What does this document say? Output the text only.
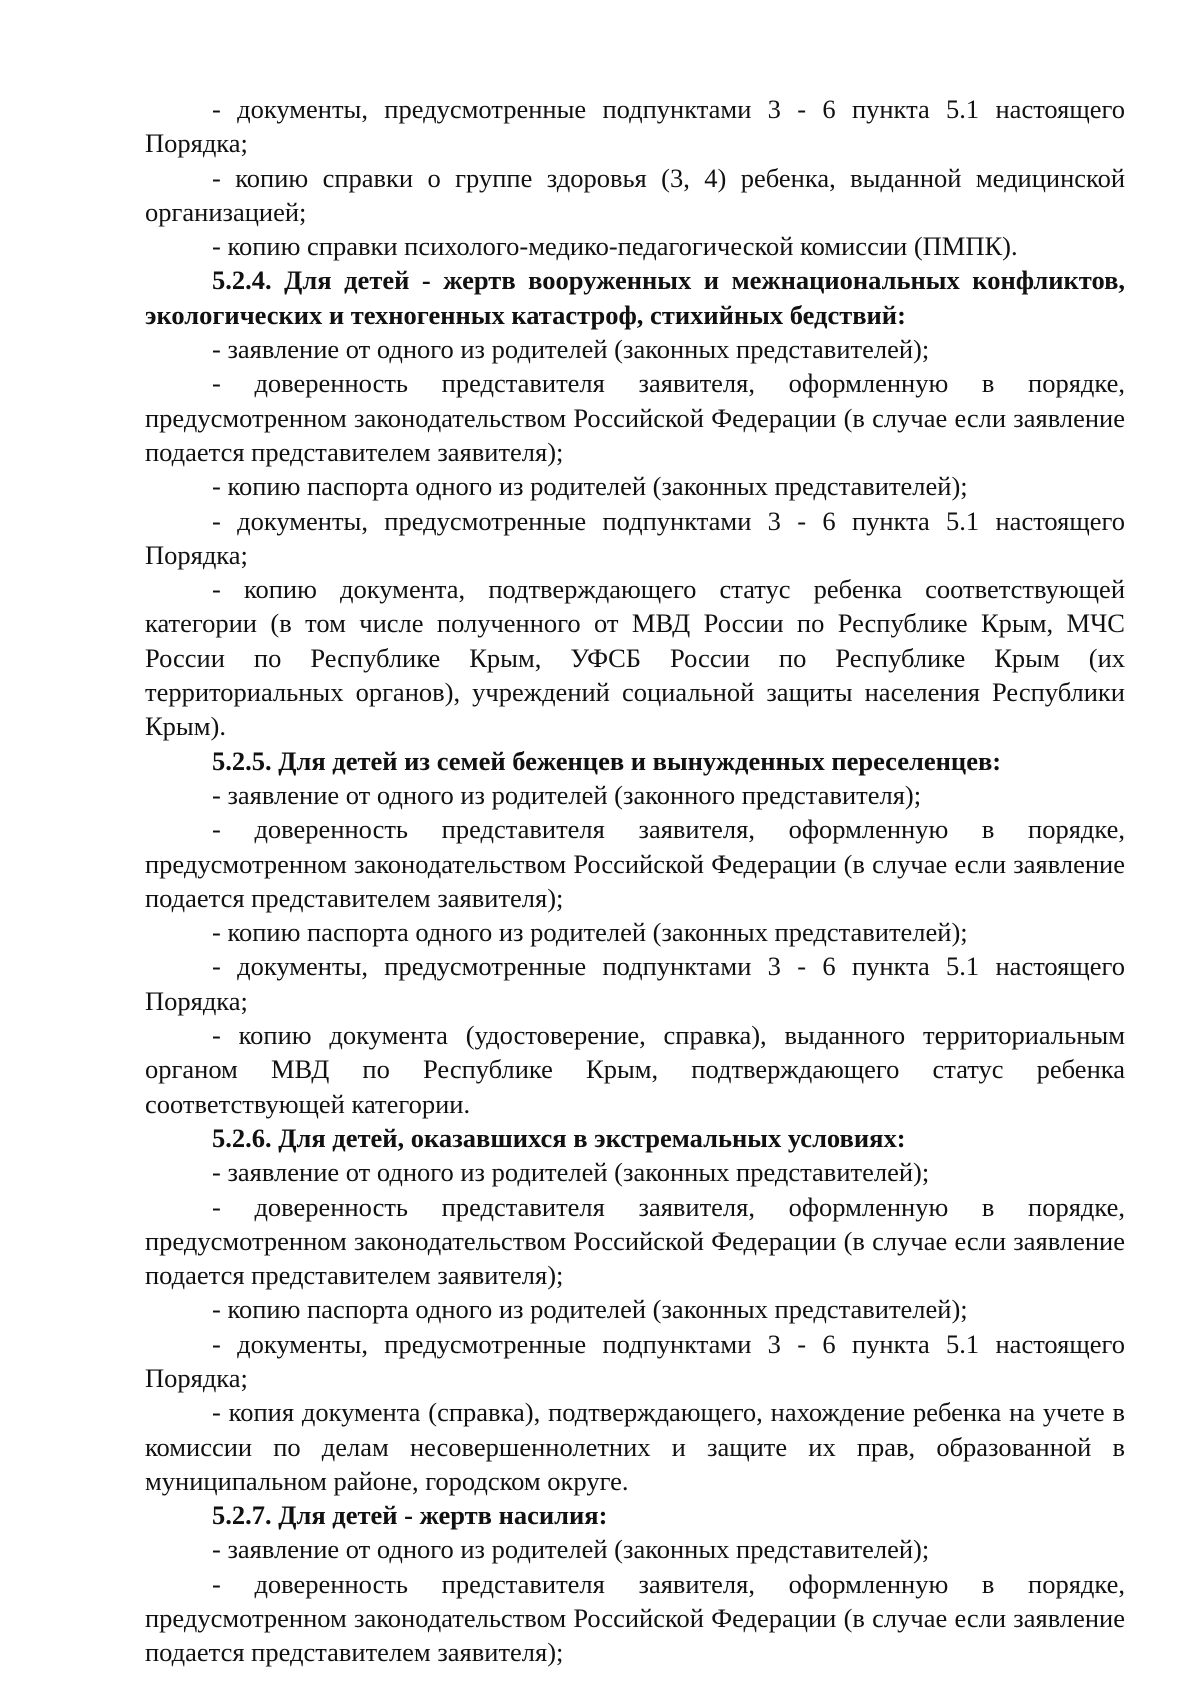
- документы, предусмотренные подпунктами 3 - 6 пункта 5.1 настоящего Порядка;

- копию справки о группе здоровья (3, 4) ребенка, выданной медицинской организацией;

- копию справки психолого-медико-педагогической комиссии (ПМПК).

5.2.4. Для детей - жертв вооруженных и межнациональных конфликтов, экологических и техногенных катастроф, стихийных бедствий:

- заявление от одного из родителей (законных представителей);

- доверенность представителя заявителя, оформленную в порядке, предусмотренном законодательством Российской Федерации (в случае если заявление подается представителем заявителя);

- копию паспорта одного из родителей (законных представителей);

- документы, предусмотренные подпунктами 3 - 6 пункта 5.1 настоящего Порядка;

- копию документа, подтверждающего статус ребенка соответствующей категории (в том числе полученного от МВД России по Республике Крым, МЧС России по Республике Крым, УФСБ России по Республике Крым (их территориальных органов), учреждений социальной защиты населения Республики Крым).

5.2.5. Для детей из семей беженцев и вынужденных переселенцев:

- заявление от одного из родителей (законного представителя);

- доверенность представителя заявителя, оформленную в порядке, предусмотренном законодательством Российской Федерации (в случае если заявление подается представителем заявителя);

- копию паспорта одного из родителей (законных представителей);

- документы, предусмотренные подпунктами 3 - 6 пункта 5.1 настоящего Порядка;

- копию документа (удостоверение, справка), выданного территориальным органом МВД по Республике Крым, подтверждающего статус ребенка соответствующей категории.

5.2.6. Для детей, оказавшихся в экстремальных условиях:

- заявление от одного из родителей (законных представителей);

- доверенность представителя заявителя, оформленную в порядке, предусмотренном законодательством Российской Федерации (в случае если заявление подается представителем заявителя);

- копию паспорта одного из родителей (законных представителей);

- документы, предусмотренные подпунктами 3 - 6 пункта 5.1 настоящего Порядка;

- копия документа (справка), подтверждающего, нахождение ребенка на учете в комиссии по делам несовершеннолетних и защите их прав, образованной в муниципальном районе, городском округе.

5.2.7. Для детей - жертв насилия:

- заявление от одного из родителей (законных представителей);

- доверенность представителя заявителя, оформленную в порядке, предусмотренном законодательством Российской Федерации (в случае если заявление подается представителем заявителя);
